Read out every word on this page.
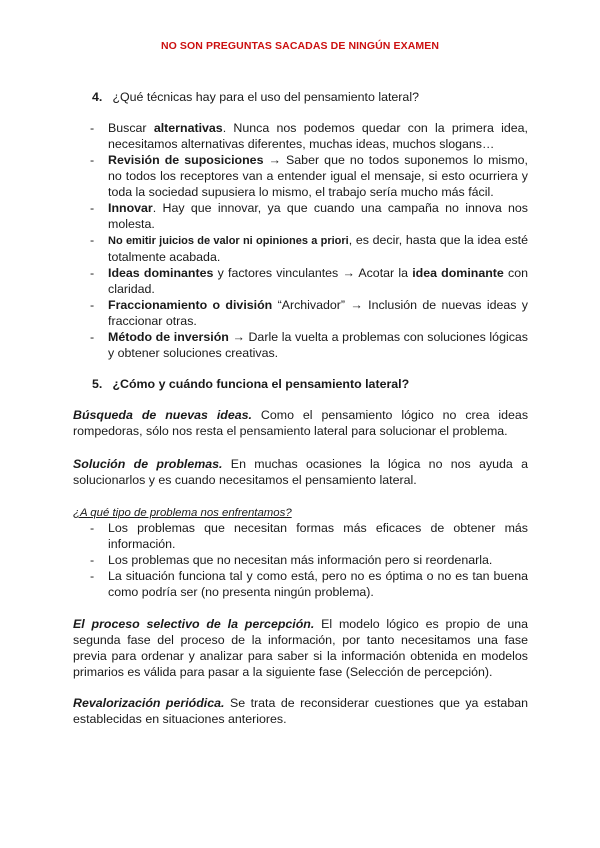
NO SON PREGUNTAS SACADAS DE NINGÚN EXAMEN
4. ¿Qué técnicas hay para el uso del pensamiento lateral?
- Buscar alternativas. Nunca nos podemos quedar con la primera idea, necesitamos alternativas diferentes, muchas ideas, muchos slogans…
- Revisión de suposiciones → Saber que no todos suponemos lo mismo, no todos los receptores van a entender igual el mensaje, si esto ocurriera y toda la sociedad supusiera lo mismo, el trabajo sería mucho más fácil.
- Innovar. Hay que innovar, ya que cuando una campaña no innova nos molesta.
- No emitir juicios de valor ni opiniones a priori, es decir, hasta que la idea esté totalmente acabada.
- Ideas dominantes y factores vinculantes → Acotar la idea dominante con claridad.
- Fraccionamiento o división “Archivador” → Inclusión de nuevas ideas y fraccionar otras.
- Método de inversión → Darle la vuelta a problemas con soluciones lógicas y obtener soluciones creativas.
5. ¿Cómo y cuándo funciona el pensamiento lateral?

Búsqueda de nuevas ideas. Como el pensamiento lógico no crea ideas rompedoras, sólo nos resta el pensamiento lateral para solucionar el problema.

Solución de problemas. En muchas ocasiones la lógica no nos ayuda a solucionarlos y es cuando necesitamos el pensamiento lateral.

¿A qué tipo de problema nos enfrentamos?
- Los problemas que necesitan formas más eficaces de obtener más información.
- Los problemas que no necesitan más información pero si reordenarla.
- La situación funciona tal y como está, pero no es óptima o no es tan buena como podría ser (no presenta ningún problema).

El proceso selectivo de la percepción. El modelo lógico es propio de una segunda fase del proceso de la información, por tanto necesitamos una fase previa para ordenar y analizar para saber si la información obtenida en modelos primarios es válida para pasar a la siguiente fase (Selección de percepción).

Revalorización periódica. Se trata de reconsiderar cuestiones que ya estaban establecidas en situaciones anteriores.
